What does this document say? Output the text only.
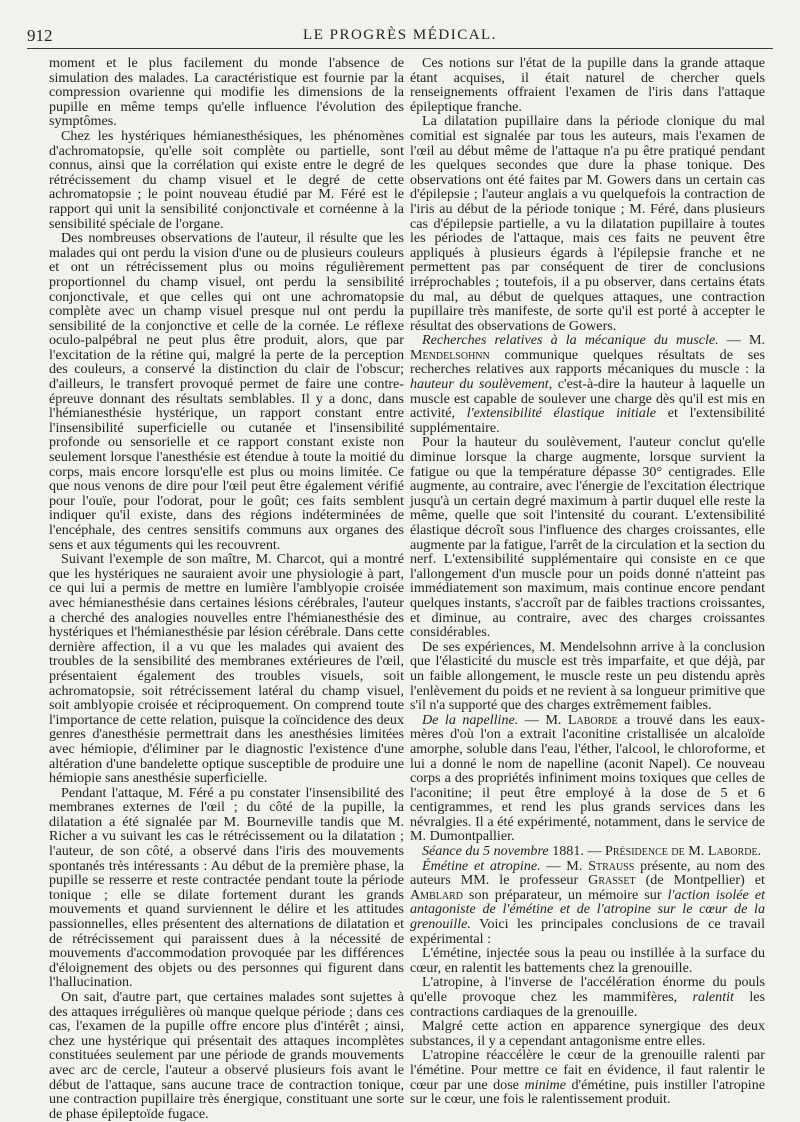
912	LE PROGRÈS MÉDICAL.

moment et le plus facilement du monde l'absence de simulation des malades. La caractéristique est fournie par la compression ovarienne qui modifie les dimensions de la pupille en même temps qu'elle influence l'évolution des symptômes.

Chez les hystériques hémianesthésiques, les phénomènes d'achromatopsie, qu'elle soit complète ou partielle, sont connus, ainsi que la corrélation qui existe entre le degré de rétrécissement du champ visuel et le degré de cette achromatopsie ; le point nouveau étudié par M. Féré est le rapport qui unit la sensibilité conjonctivale et cornéenne à la sensibilité spéciale de l'organe.

Des nombreuses observations de l'auteur, il résulte que les malades qui ont perdu la vision d'une ou de plusieurs couleurs et ont un rétrécissement plus ou moins régulièrement proportionnel du champ visuel, ont perdu la sensibilité conjonctivale, et que celles qui ont une achromatopsie complète avec un champ visuel presque nul ont perdu la sensibilité de la conjonctive et celle de la cornée. Le réflexe oculo-palpébral ne peut plus être produit, alors, que par l'excitation de la rétine qui, malgré la perte de la perception des couleurs, a conservé la distinction du clair de l'obscur; d'ailleurs, le transfert provoqué permet de faire une contre-épreuve donnant des résultats semblables. Il y a donc, dans l'hémianesthésie hystérique, un rapport constant entre l'insensibilité superficielle ou cutanée et l'insensibilité profonde ou sensorielle et ce rapport constant existe non seulement lorsque l'anesthésie est étendue à toute la moitié du corps, mais encore lorsqu'elle est plus ou moins limitée. Ce que nous venons de dire pour l'œil peut être également vérifié pour l'ouïe, pour l'odorat, pour le goût; ces faits semblent indiquer qu'il existe, dans des régions indéterminées de l'encéphale, des centres sensitifs communs aux organes des sens et aux téguments qui les recouvrent.

Suivant l'exemple de son maître, M. Charcot, qui a montré que les hystériques ne sauraient avoir une physiologie à part, ce qui lui a permis de mettre en lumière l'amblyopie croisée avec hémianesthésie dans certaines lésions cérébrales, l'auteur a cherché des analogies nouvelles entre l'hémianesthésie des hystériques et l'hémianesthésie par lésion cérébrale. Dans cette dernière affection, il a vu que les malades qui avaient des troubles de la sensibilité des membranes extérieures de l'œil, présentaient également des troubles visuels, soit achromatopsie, soit rétrécissement latéral du champ visuel, soit amblyopie croisée et réciproquement. On comprend toute l'importance de cette relation, puisque la coïncidence des deux genres d'anesthésie permettrait dans les anesthésies limitées avec hémiopie, d'éliminer par le diagnostic l'existence d'une altération d'une bandelette optique susceptible de produire une hémiopie sans anesthésie superficielle.

Pendant l'attaque, M. Féré a pu constater l'insensibilité des membranes externes de l'œil ; du côté de la pupille, la dilatation a été signalée par M. Bourneville tandis que M. Richer a vu suivant les cas le rétrécissement ou la dilatation ; l'auteur, de son côté, a observé dans l'iris des mouvements spontanés très intéressants : Au début de la première phase, la pupille se resserre et reste contractée pendant toute la période tonique ; elle se dilate fortement durant les grands mouvements et quand surviennent le délire et les attitudes passionnelles, elles présentent des alternations de dilatation et de rétrécissement qui paraissent dues à la nécessité de mouvements d'accommodation provoquée par les différences d'éloignement des objets ou des personnes qui figurent dans l'hallucination.

On sait, d'autre part, que certaines malades sont sujettes à des attaques irrégulières où manque quelque période ; dans ces cas, l'examen de la pupille offre encore plus d'intérêt ; ainsi, chez une hystérique qui présentait des attaques incomplètes constituées seulement par une période de grands mouvements avec arc de cercle, l'auteur a observé plusieurs fois avant le début de l'attaque, sans aucune trace de contraction tonique, une contraction pupillaire très énergique, constituant une sorte de phase épileptoïde fugace.

Ces notions sur l'état de la pupille dans la grande attaque étant acquises, il était naturel de chercher quels renseignements offraient l'examen de l'iris dans l'attaque épileptique franche.

La dilatation pupillaire dans la période clonique du mal comitial est signalée par tous les auteurs, mais l'examen de l'œil au début même de l'attaque n'a pu être pratiqué pendant les quelques secondes que dure la phase tonique. Des observations ont été faites par M. Gowers dans un certain cas d'épilepsie ; l'auteur anglais a vu quelquefois la contraction de l'iris au début de la période tonique ; M. Féré, dans plusieurs cas d'épilepsie partielle, a vu la dilatation pupillaire à toutes les périodes de l'attaque, mais ces faits ne peuvent être appliqués à plusieurs égards à l'épilepsie franche et ne permettent pas par conséquent de tirer de conclusions irréprochables ; toutefois, il a pu observer, dans certains états du mal, au début de quelques attaques, une contraction pupillaire très manifeste, de sorte qu'il est porté à accepter le résultat des observations de Gowers.

Recherches relatives à la mécanique du muscle. — M. Mendelsohnn communique quelques résultats de ses recherches relatives aux rapports mécaniques du muscle : la hauteur du soulèvement, c'est-à-dire la hauteur à laquelle un muscle est capable de soulever une charge dès qu'il est mis en activité, l'extensibilité élastique initiale et l'extensibilité supplémentaire.

Pour la hauteur du soulèvement, l'auteur conclut qu'elle diminue lorsque la charge augmente, lorsque survient la fatigue ou que la température dépasse 30° centigrades. Elle augmente, au contraire, avec l'énergie de l'excitation électrique jusqu'à un certain degré maximum à partir duquel elle reste la même, quelle que soit l'intensité du courant. L'extensibilité élastique décroît sous l'influence des charges croissantes, elle augmente par la fatigue, l'arrêt de la circulation et la section du nerf. L'extensibilité supplémentaire qui consiste en ce que l'allongement d'un muscle pour un poids donné n'atteint pas immédiatement son maximum, mais continue encore pendant quelques instants, s'accroît par de faibles tractions croissantes, et diminue, au contraire, avec des charges croissantes considérables.

De ses expériences, M. Mendelsohnn arrive à la conclusion que l'élasticité du muscle est très imparfaite, et que déjà, par un faible allongement, le muscle reste un peu distendu après l'enlèvement du poids et ne revient à sa longueur primitive que s'il n'a supporté que des charges extrêmement faibles.

De la napelline. — M. Laborde a trouvé dans les eaux-mères d'où l'on a extrait l'aconitine cristallisée un alcaloïde amorphe, soluble dans l'eau, l'éther, l'alcool, le chloroforme, et lui a donné le nom de napelline (aconit Napel). Ce nouveau corps a des propriétés infiniment moins toxiques que celles de l'aconitine; il peut être employé à la dose de 5 et 6 centigrammes, et rend les plus grands services dans les névralgies. Il a été expérimenté, notamment, dans le service de M. Dumontpallier.

Séance du 5 novembre 1881. — Présidence de M. Laborde.

Émétine et atropine. — M. Strauss présente, au nom des auteurs MM. le professeur Grasset (de Montpellier) et Amblard son préparateur, un mémoire sur l'action isolée et antagoniste de l'émétine et de l'atropine sur le cœur de la grenouille. Voici les principales conclusions de ce travail expérimental :

L'émétine, injectée sous la peau ou instillée à la surface du cœur, en ralentit les battements chez la grenouille.

L'atropine, à l'inverse de l'accélération énorme du pouls qu'elle provoque chez les mammifères, ralentit les contractions cardiaques de la grenouille.

Malgré cette action en apparence synergique des deux substances, il y a cependant antagonisme entre elles.

L'atropine réaccélère le cœur de la grenouille ralenti par l'émétine. Pour mettre ce fait en évidence, il faut ralentir le cœur par une dose minime d'émétine, puis instiller l'atropine sur le cœur, une fois le ralentissement produit.
